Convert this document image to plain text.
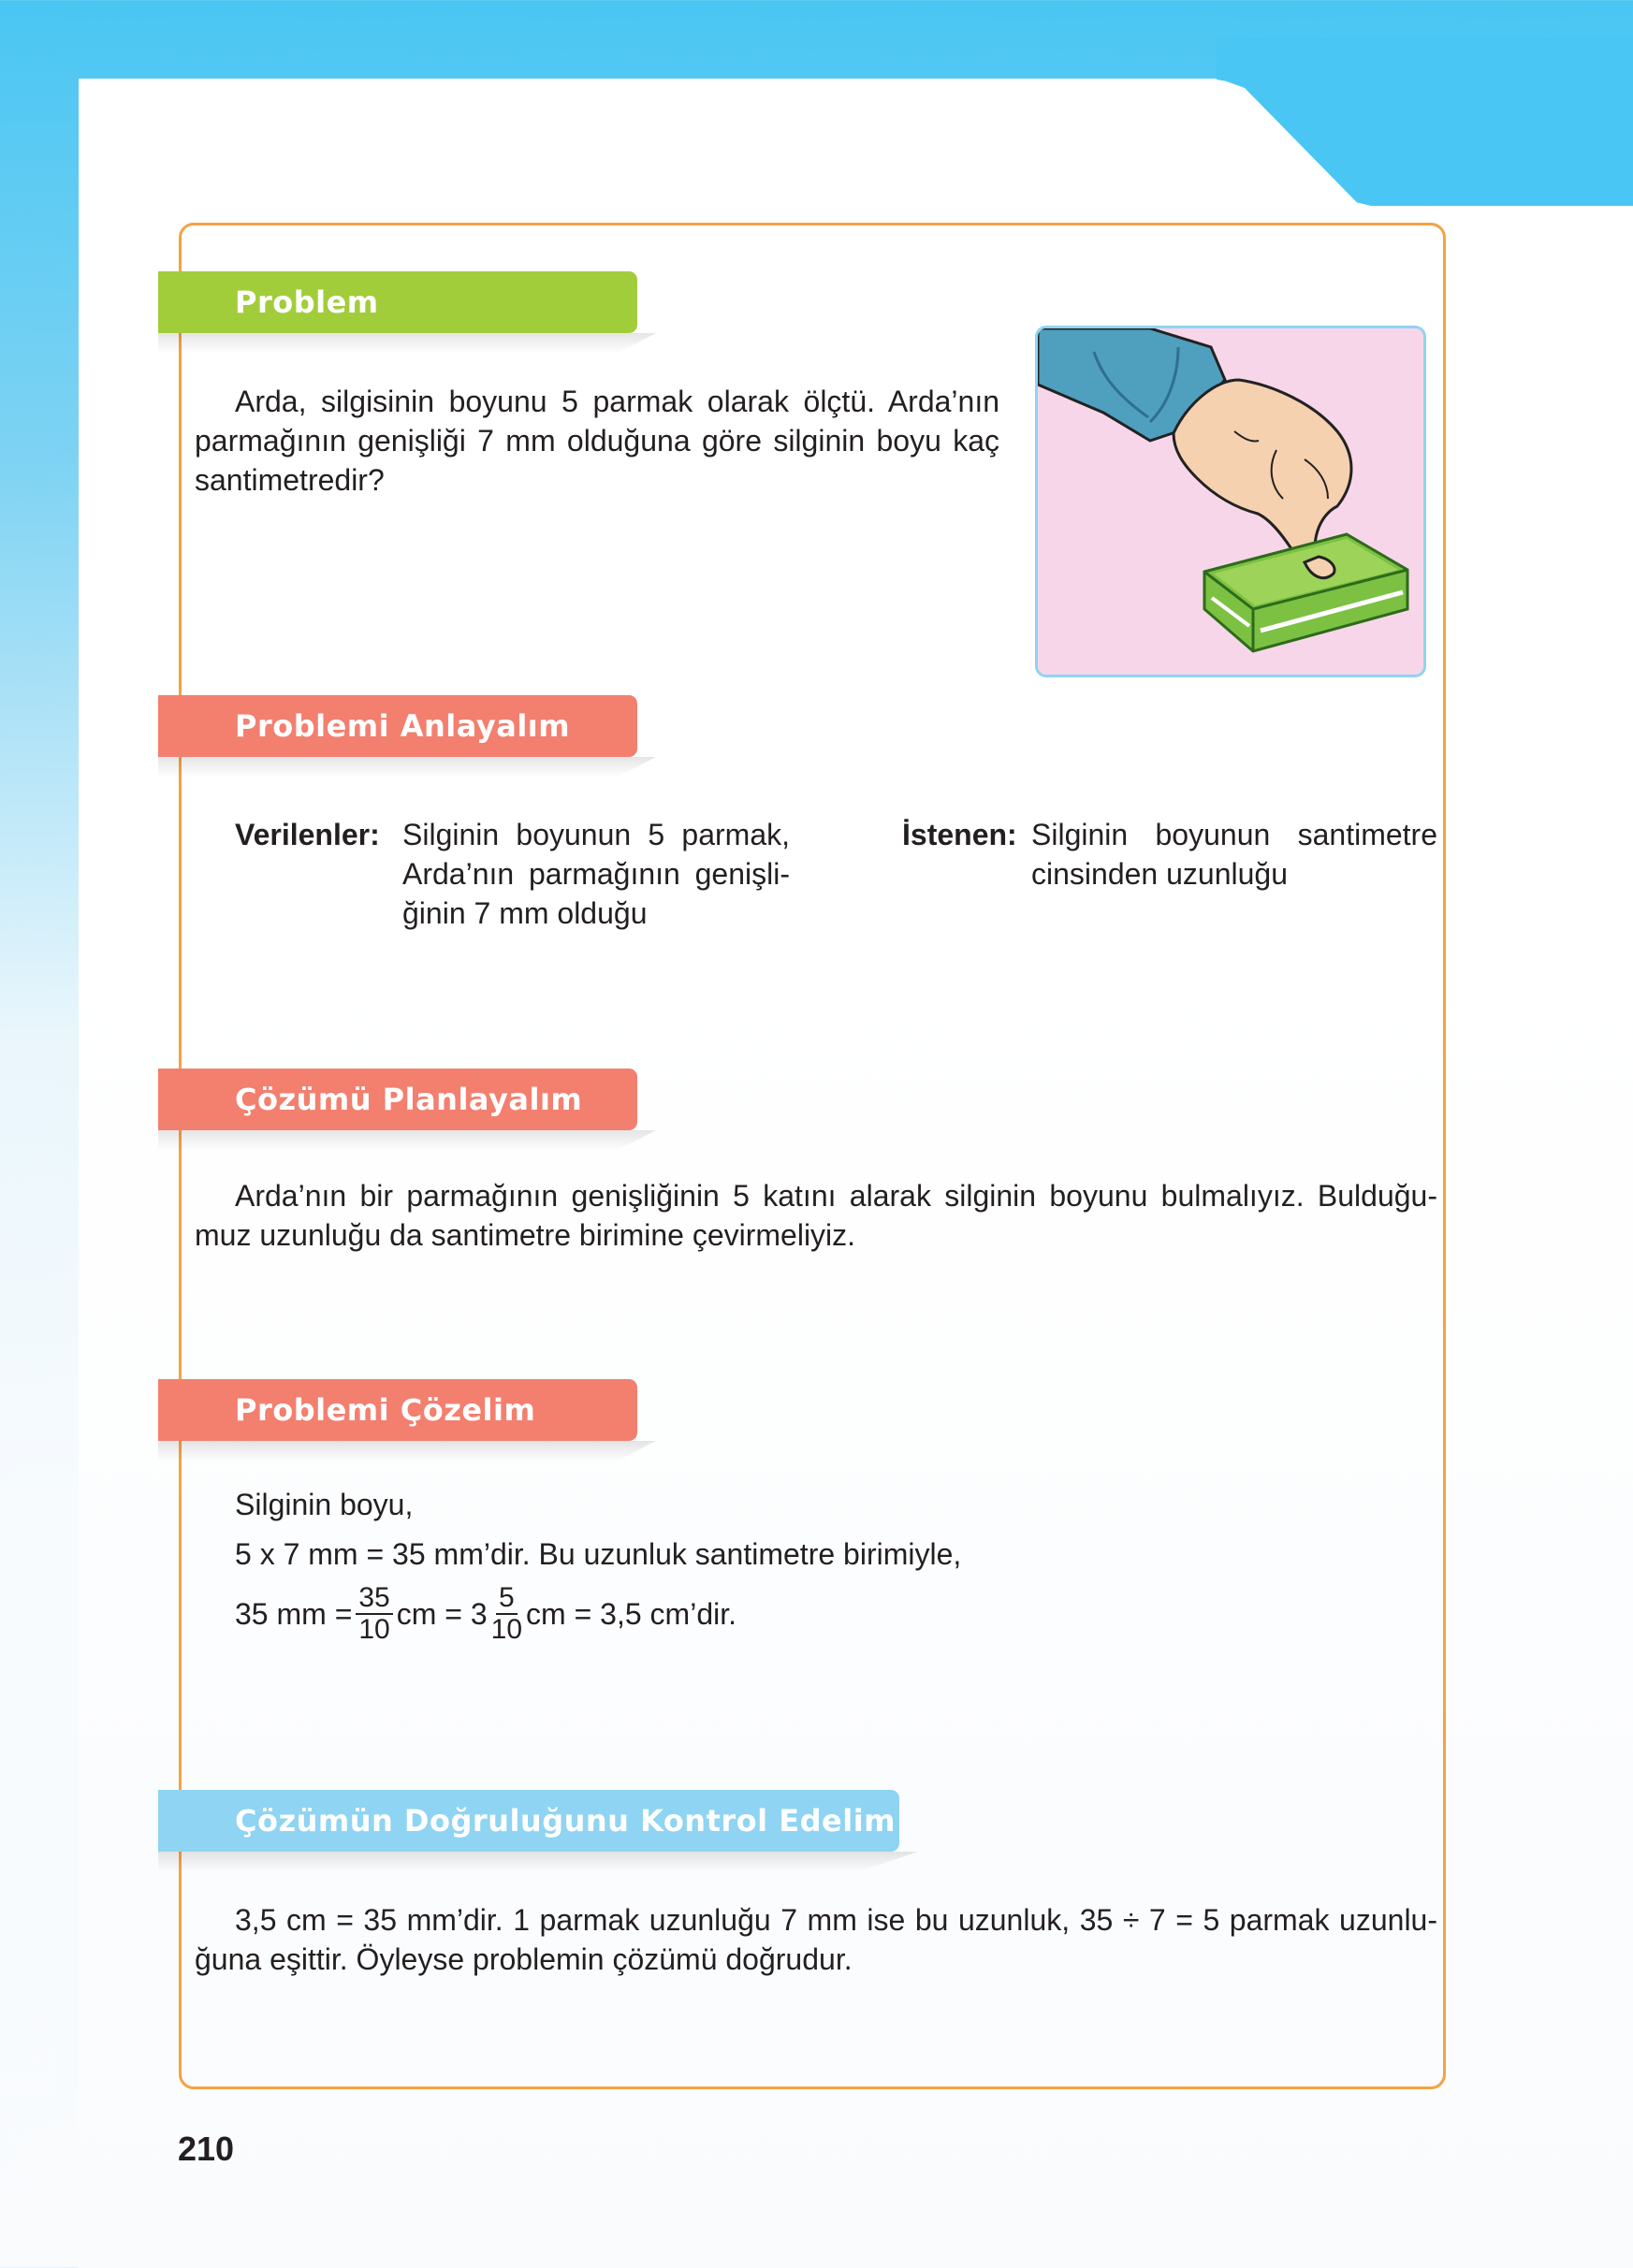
Problem
Arda, silgisinin boyunu 5 parmak olarak ölçtü. Arda’nın
parmağının genişliği 7 mm olduğuna göre silginin boyu kaç
santimetredir?
Problemi Anlayalım
Verilenler: Silginin boyunun 5 parmak,
Arda’nın parmağının genişli-
ğinin 7 mm olduğu
İstenen: Silginin boyunun santimetre
cinsinden uzunluğu
Çözümü Planlayalım
Arda’nın bir parmağının genişliğinin 5 katını alarak silginin boyunu bulmalıyız. Bulduğu-
muz uzunluğu da santimetre birimine çevirmeliyiz.
Problemi Çözelim
Silginin boyu,
5 x 7 mm = 35 mm’dir. Bu uzunluk santimetre birimiyle,
35 mm = $\frac{35}{10}$ cm = $3 \frac{5}{10}$ cm = 3,5 cm’dir.
Çözümün Doğruluğunu Kontrol Edelim
3,5 cm = 35 mm’dir. 1 parmak uzunluğu 7 mm ise bu uzunluk, 35 ÷ 7 = 5 parmak uzunlu-
ğuna eşittir. Öyleyse problemin çözümü doğrudur.
210
